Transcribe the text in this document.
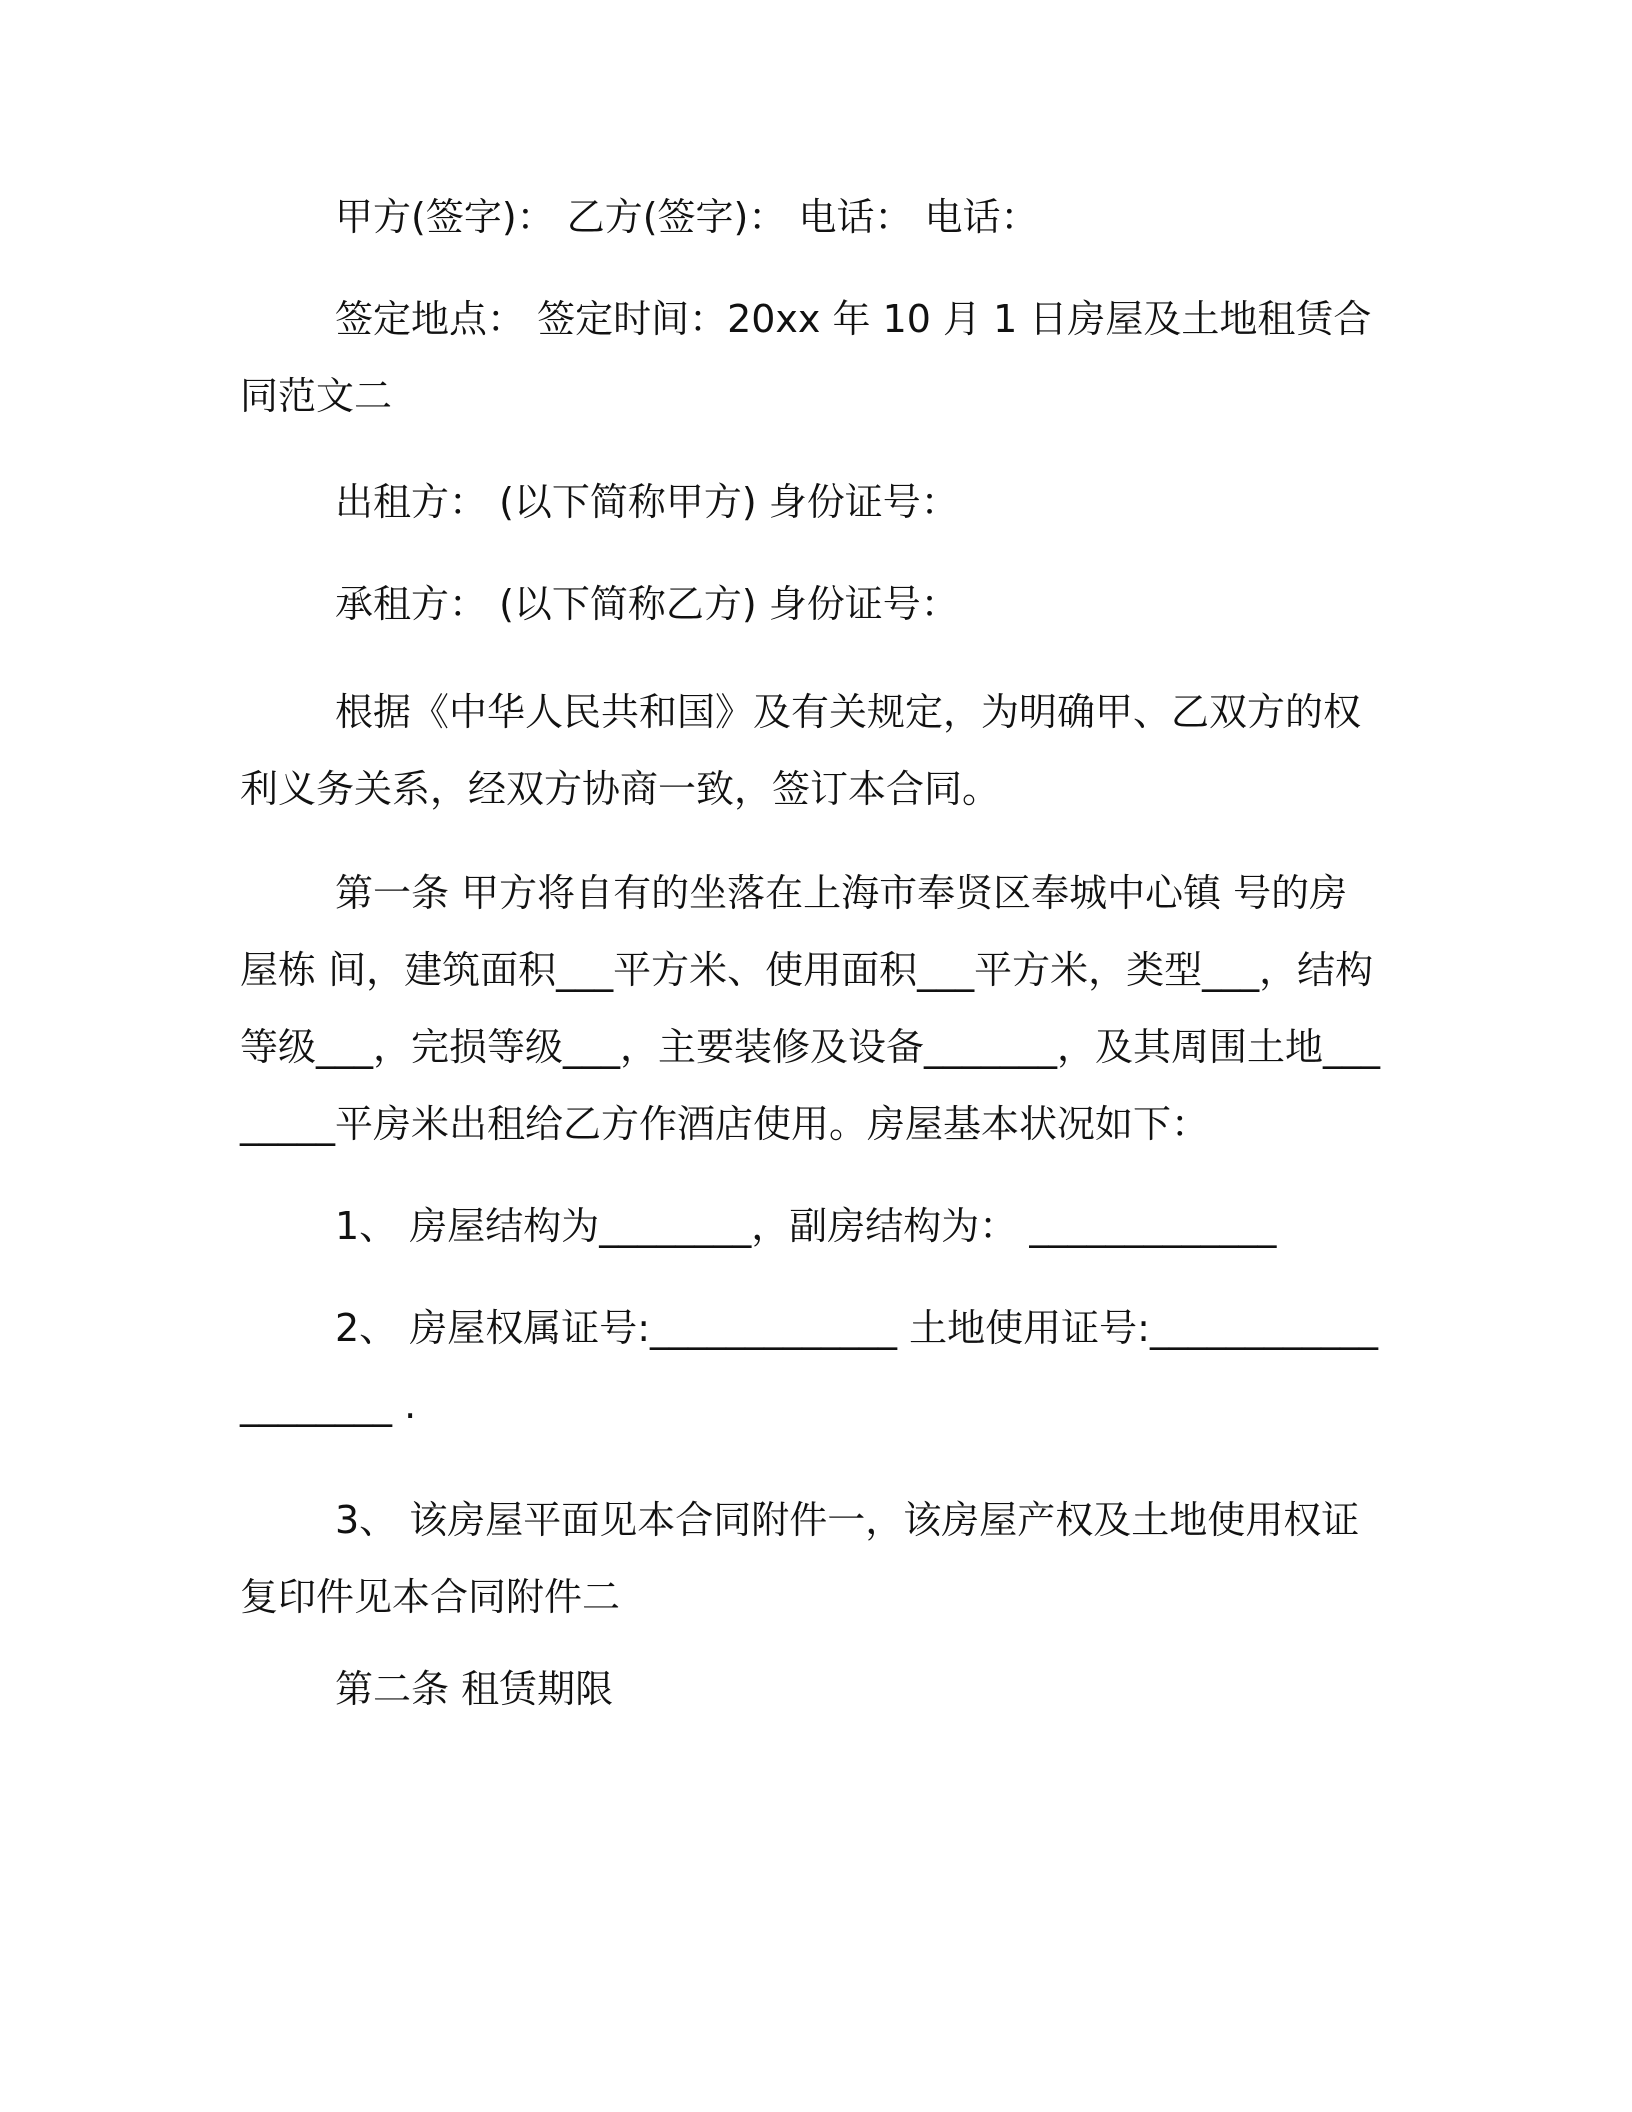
甲方(签字)： 乙方(签字)： 电话： 电话：

签定地点： 签定时间：20xx 年 10 月 1 日房屋及土地租赁合同范文二

出租方： (以下简称甲方) 身份证号：

承租方： (以下简称乙方) 身份证号：

根据《中华人民共和国》及有关规定，为明确甲、乙双方的权利义务关系，经双方协商一致，签订本合同。

第一条 甲方将自有的坐落在上海市奉贤区奉城中心镇 号的房屋栋 间，建筑面积___平方米、使用面积___平方米，类型___，结构等级___，完损等级___，主要装修及设备_______，及其周围土地________平房米出租给乙方作酒店使用。房屋基本状况如下：

1、 房屋结构为________，副房结构为： _____________

2、 房屋权属证号:_____________ 土地使用证号:____________________ .

3、 该房屋平面见本合同附件一，该房屋产权及土地使用权证复印件见本合同附件二

第二条 租赁期限
